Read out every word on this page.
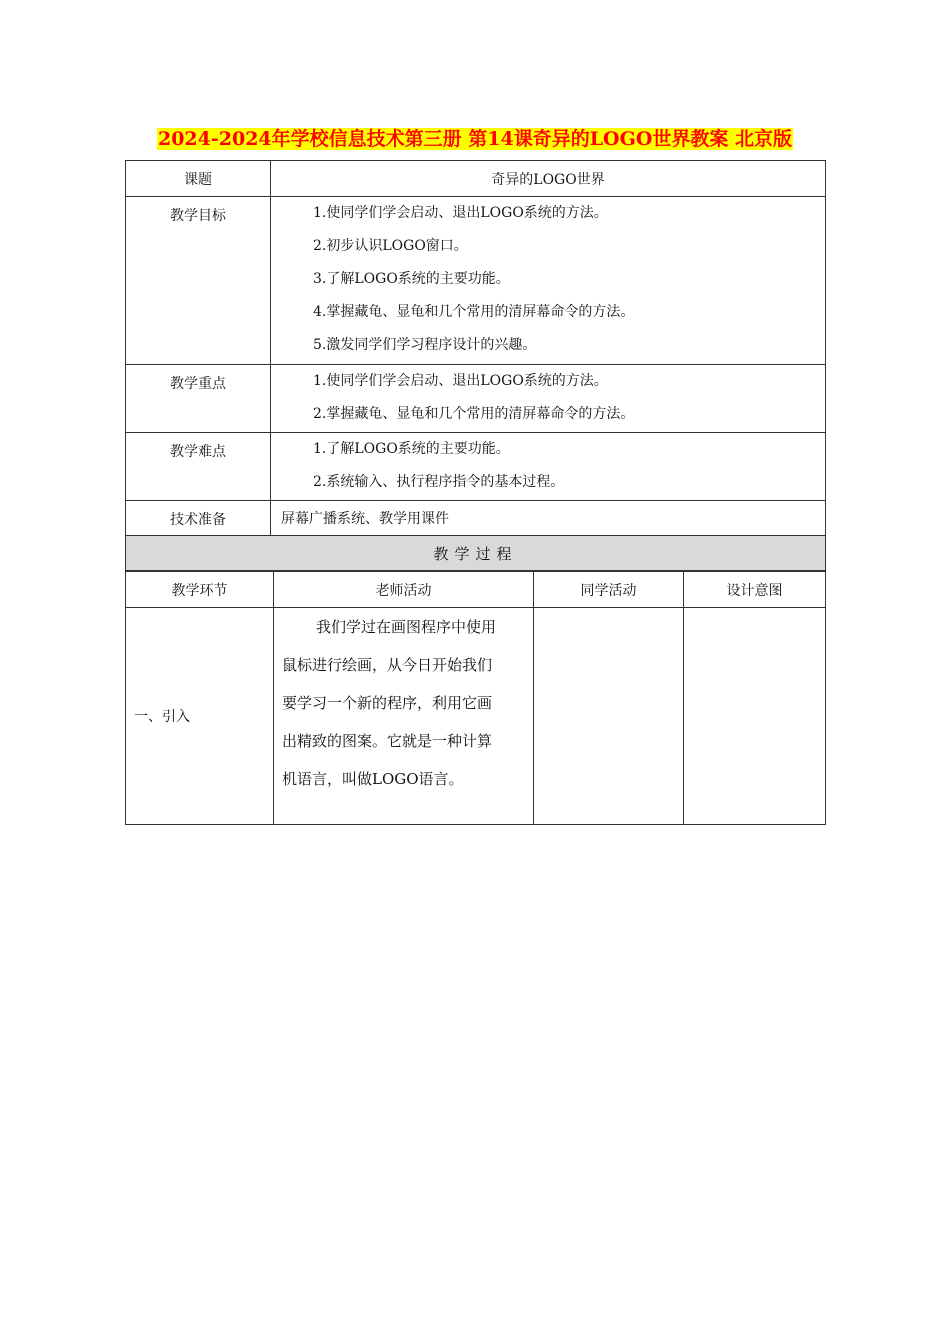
2024-2024年学校信息技术第三册 第14课奇异的LOGO世界教案 北京版
课题	奇异的LOGO世界
教学目标	1.使同学们学会启动、退出LOGO系统的方法。
2.初步认识LOGO窗口。
3.了解LOGO系统的主要功能。
4.掌握藏龟、显龟和几个常用的清屏幕命令的方法。
5.激发同学们学习程序设计的兴趣。

教学重点	1.使同学们学会启动、退出LOGO系统的方法。
2.掌握藏龟、显龟和几个常用的清屏幕命令的方法。

教学难点	1.了解LOGO系统的主要功能。
2.系统输入、执行程序指令的基本过程。

技术准备	屏幕广播系统、教学用课件
教学过程	
教学环节	老师活动	同学活动	设计意图
一、引入	我们学过在画图程序中使用
鼠标进行绘画，从今日开始我们
要学习一个新的程序，利用它画
出精致的图案。它就是一种计算
机语言，叫做LOGO语言。		
